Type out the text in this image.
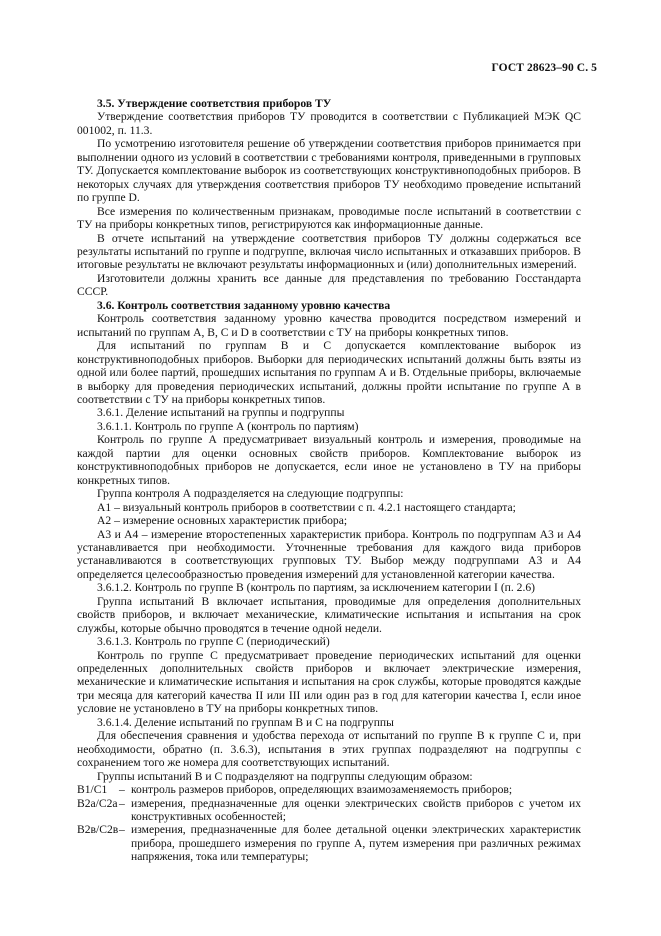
ГОСТ 28623–90 С. 5
3.5. Утверждение соответствия приборов ТУ

Утверждение соответствия приборов ТУ проводится в соответствии с Публикацией МЭК QC 001002, п. 11.3.

По усмотрению изготовителя решение об утверждении соответствия приборов принимается при выполнении одного из условий в соответствии с требованиями контроля, приведенными в групповых ТУ. Допускается комплектование выборок из соответствующих конструктивноподобных приборов. В некоторых случаях для утверждения соответствия приборов ТУ необходимо проведение испытаний по группе D.

Все измерения по количественным признакам, проводимые после испытаний в соответствии с ТУ на приборы конкретных типов, регистрируются как информационные данные.

В отчете испытаний на утверждение соответствия приборов ТУ должны содержаться все результаты испытаний по группе и подгруппе, включая число испытанных и отказавших приборов. В итоговые результаты не включают результаты информационных и (или) дополнительных измерений.

Изготовители должны хранить все данные для представления по требованию Госстандарта СССР.

3.6. Контроль соответствия заданному уровню качества

Контроль соответствия заданному уровню качества проводится посредством измерений и испытаний по группам А, В, С и D в соответствии с ТУ на приборы конкретных типов.

Для испытаний по группам В и С допускается комплектование выборок из конструктивноподобных приборов. Выборки для периодических испытаний должны быть взяты из одной или более партий, прошедших испытания по группам А и В. Отдельные приборы, включаемые в выборку для проведения периодических испытаний, должны пройти испытание по группе А в соответствии с ТУ на приборы конкретных типов.

3.6.1. Деление испытаний на группы и подгруппы

3.6.1.1. Контроль по группе А (контроль по партиям)

Контроль по группе А предусматривает визуальный контроль и измерения, проводимые на каждой партии для оценки основных свойств приборов. Комплектование выборок из конструктивноподобных приборов не допускается, если иное не установлено в ТУ на приборы конкретных типов.

Группа контроля А подразделяется на следующие подгруппы:

А1 – визуальный контроль приборов в соответствии с п. 4.2.1 настоящего стандарта;

А2 – измерение основных характеристик прибора;

А3 и А4 – измерение второстепенных характеристик прибора. Контроль по подгруппам А3 и А4 устанавливается при необходимости. Уточненные требования для каждого вида приборов устанавливаются в соответствующих групповых ТУ. Выбор между подгруппами А3 и А4 определяется целесообразностью проведения измерений для установленной категории качества.

3.6.1.2. Контроль по группе В (контроль по партиям, за исключением категории I (п. 2.6)

Группа испытаний В включает испытания, проводимые для определения дополнительных свойств приборов, и включает механические, климатические испытания и испытания на срок службы, которые обычно проводятся в течение одной недели.

3.6.1.3. Контроль по группе С (периодический)

Контроль по группе С предусматривает проведение периодических испытаний для оценки определенных дополнительных свойств приборов и включает электрические измерения, механические и климатические испытания и испытания на срок службы, которые проводятся каждые три месяца для категорий качества II или III или один раз в год для категории качества I, если иное условие не установлено в ТУ на приборы конкретных типов.

3.6.1.4. Деление испытаний по группам В и С на подгруппы

Для обеспечения сравнения и удобства перехода от испытаний по группе В к группе С и, при необходимости, обратно (п. 3.6.3), испытания в этих группах подразделяют на подгруппы с сохранением того же номера для соответствующих испытаний.

Группы испытаний В и С подразделяют на подгруппы следующим образом:

В1/С1	– контроль размеров приборов, определяющих взаимозаменяемость приборов;
В2а/С2а – измерения, предназначенные для оценки электрических свойств приборов с учетом их конструктивных особенностей;
В2в/С2в – измерения, предназначенные для более детальной оценки электрических характеристик прибора, прошедшего измерения по группе А, путем измерения при различных режимах напряжения, тока или температуры;
